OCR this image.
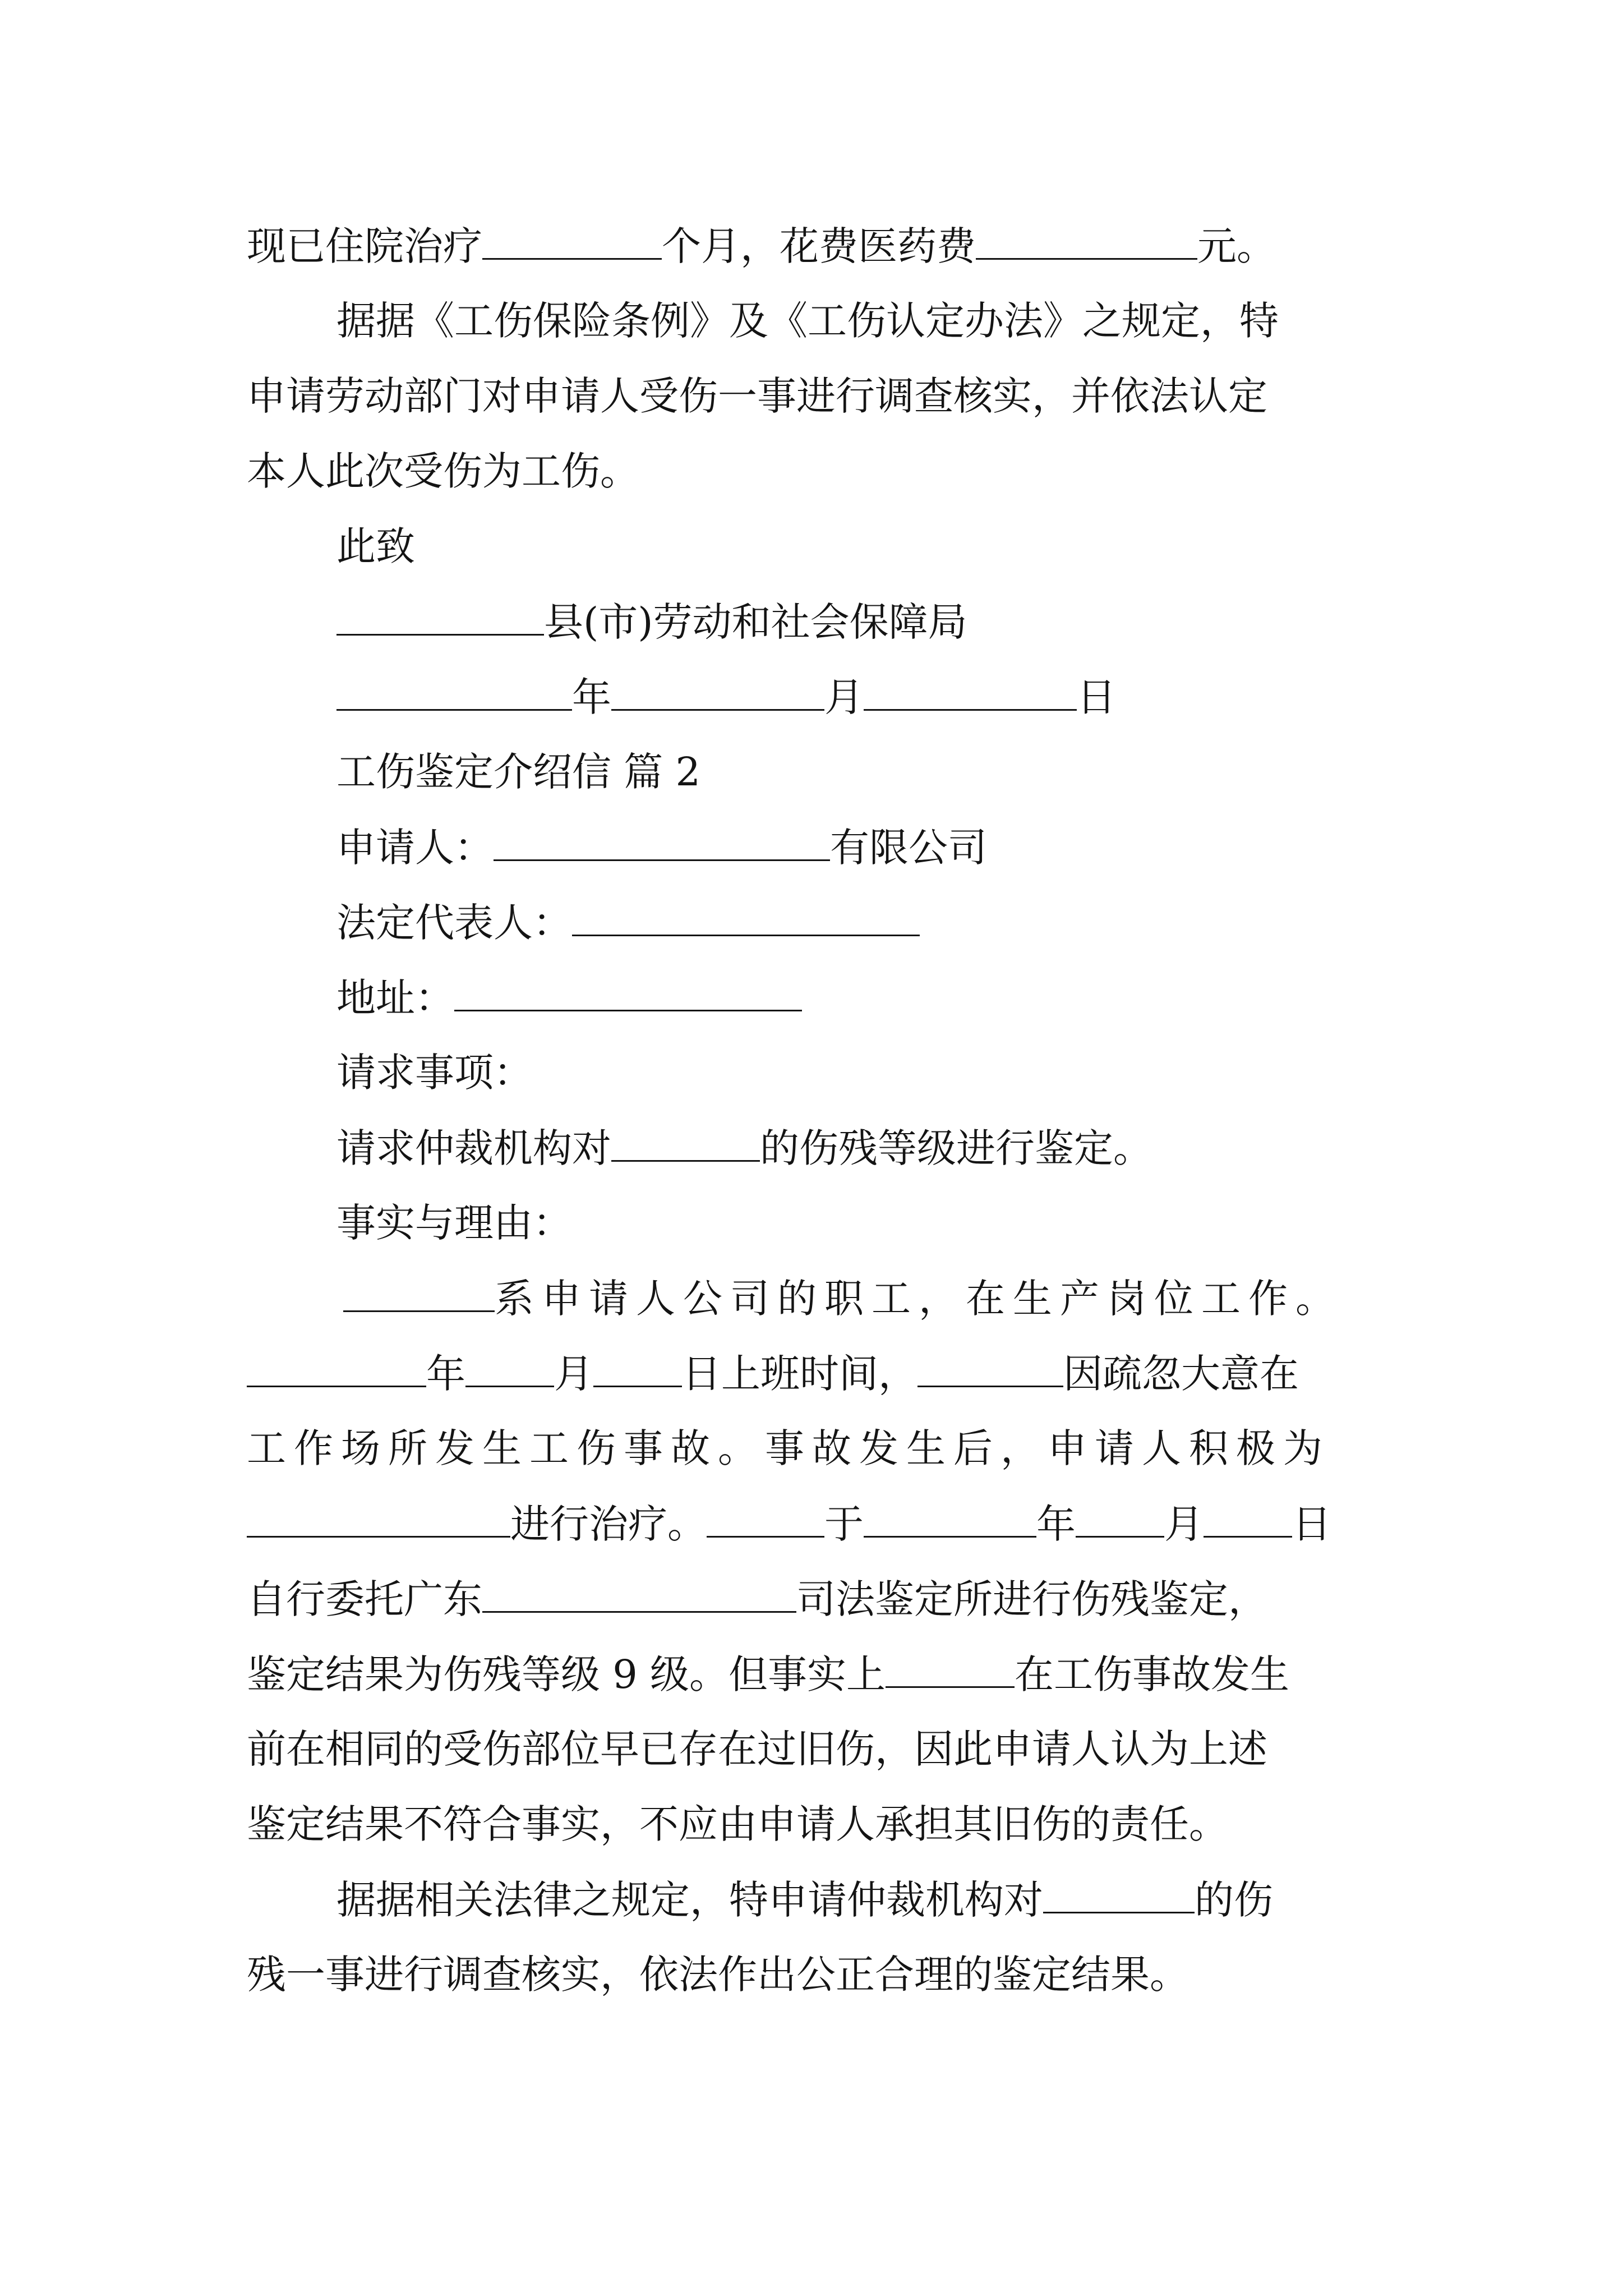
现已住院治疗	个月，花费医药费	元。
据据《工伤保险条例》及《工伤认定办法》之规定，特
申请劳动部门对申请人受伤一事进行调查核实，并依法认定
本人此次受伤为工伤。
此致
县(市)劳动和社会保障局
年	月	日
工伤鉴定介绍信 篇 2
申请人：	有限公司
法定代表人：
地址：
请求事项：
请求仲裁机构对	的伤残等级进行鉴定。
事实与理由：
系申请人公司的职工，在生产岗位工作。
年 月 日上班时间，	因疏忽大意在
工作场所发生工伤事故。事故发生后，申请人积极为
进行治疗。	于	年 月 日
自行委托广东	司法鉴定所进行伤残鉴定，
鉴定结果为伤残等级 9 级。但事实上	在工伤事故发生
前在相同的受伤部位早已存在过旧伤，因此申请人认为上述
鉴定结果不符合事实，不应由申请人承担其旧伤的责任。
据据相关法律之规定，特申请仲裁机构对	的伤
残一事进行调查核实，依法作出公正合理的鉴定结果。
